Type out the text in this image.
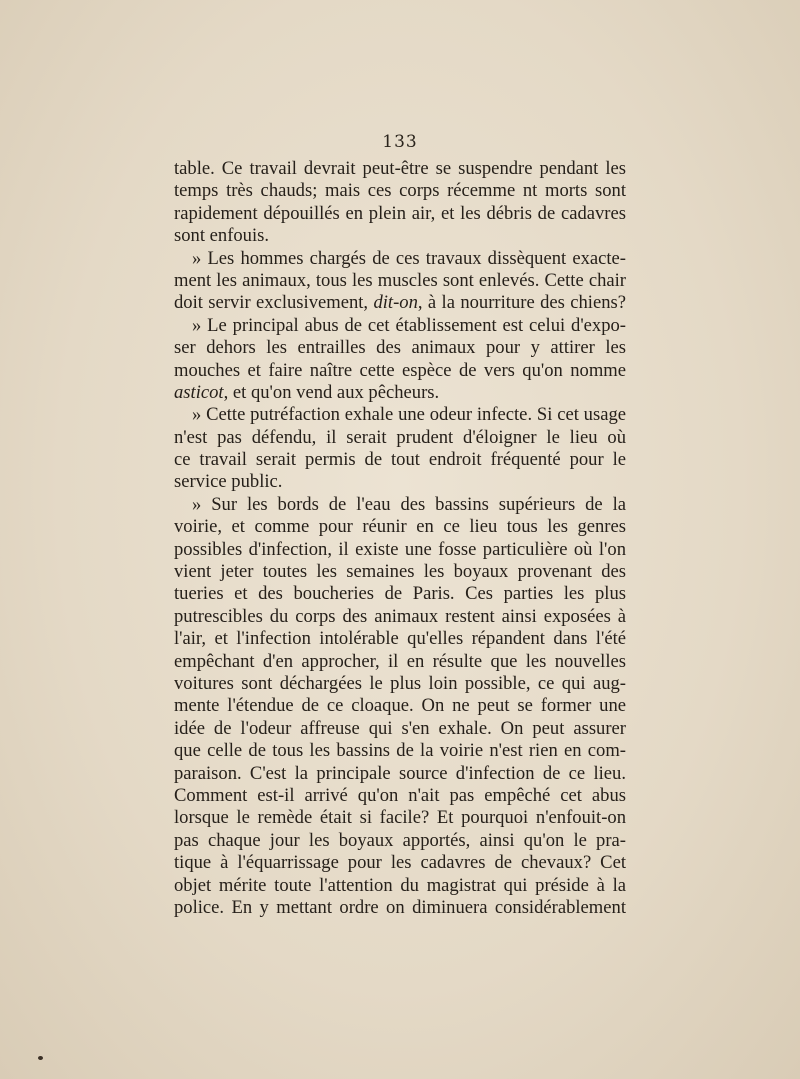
133
table. Ce travail devrait peut-être se suspendre pendant les
temps très chauds; mais ces corps récemme nt morts sont
rapidement dépouillés en plein air, et les débris de cadavres
sont enfouis.
» Les hommes chargés de ces travaux dissèquent exacte-
ment les animaux, tous les muscles sont enlevés. Cette chair
doit servir exclusivement, dit-on, à la nourriture des chiens?
» Le principal abus de cet établissement est celui d'expo-
ser dehors les entrailles des animaux pour y attirer les
mouches et faire naître cette espèce de vers qu'on nomme
asticot, et qu'on vend aux pêcheurs.
» Cette putréfaction exhale une odeur infecte. Si cet usage
n'est pas défendu, il serait prudent d'éloigner le lieu où
ce travail serait permis de tout endroit fréquenté pour le
service public.
» Sur les bords de l'eau des bassins supérieurs de la
voirie, et comme pour réunir en ce lieu tous les genres
possibles d'infection, il existe une fosse particulière où l'on
vient jeter toutes les semaines les boyaux provenant des
tueries et des boucheries de Paris. Ces parties les plus
putrescibles du corps des animaux restent ainsi exposées à
l'air, et l'infection intolérable qu'elles répandent dans l'été
empêchant d'en approcher, il en résulte que les nouvelles
voitures sont déchargées le plus loin possible, ce qui aug-
mente l'étendue de ce cloaque. On ne peut se former une
idée de l'odeur affreuse qui s'en exhale. On peut assurer
que celle de tous les bassins de la voirie n'est rien en com-
paraison. C'est la principale source d'infection de ce lieu.
Comment est-il arrivé qu'on n'ait pas empêché cet abus
lorsque le remède était si facile? Et pourquoi n'enfouit-on
pas chaque jour les boyaux apportés, ainsi qu'on le pra-
tique à l'équarrissage pour les cadavres de chevaux? Cet
objet mérite toute l'attention du magistrat qui préside à la
police. En y mettant ordre on diminuera considérablement
